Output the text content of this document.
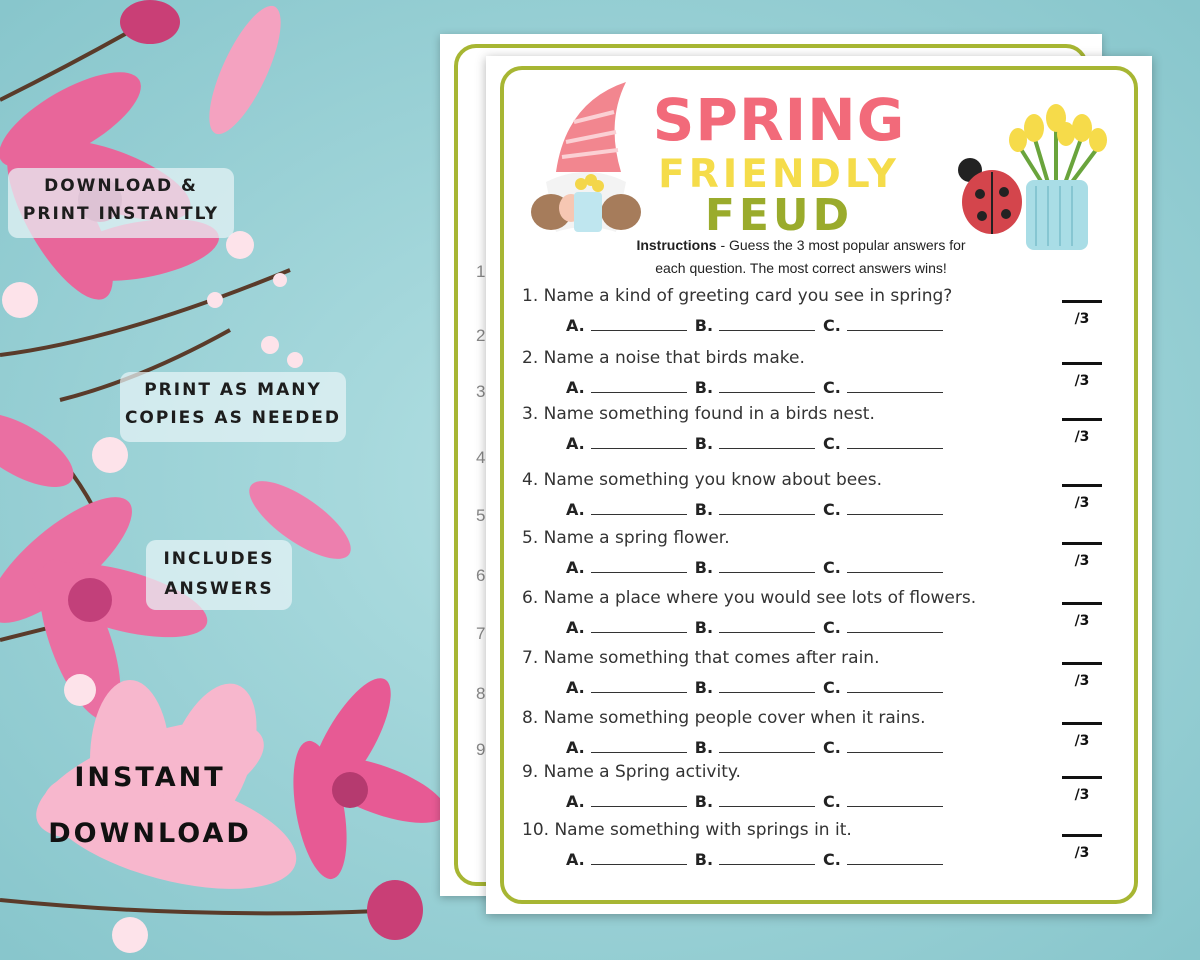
DOWNLOAD &
PRINT INSTANTLY
PRINT AS MANY
COPIES AS NEEDED
INCLUDES
ANSWERS
INSTANT
DOWNLOAD
1
2
3
4
5
6
7
8
9
SPRING
FRIENDLY
FEUD
Instructions - Guess the 3 most popular answers for each question. The most correct answers wins!
1. Name a kind of greeting card you see in spring?
A.	B.	C.	/3
2. Name a noise that birds make.
A.	B.	C.	/3
3. Name something found in a birds nest.
A.	B.	C.	/3
4. Name something you know about bees.
A.	B.	C.	/3
5. Name a spring flower.
A.	B.	C.	/3
6. Name a place where you would see lots of flowers.
A.	B.	C.	/3
7. Name something that comes after rain.
A.	B.	C.	/3
8. Name something people cover when it rains.
A.	B.	C.	/3
9. Name a Spring activity.
A.	B.	C.	/3
10. Name something with springs in it.
A.	B.	C.	/3
